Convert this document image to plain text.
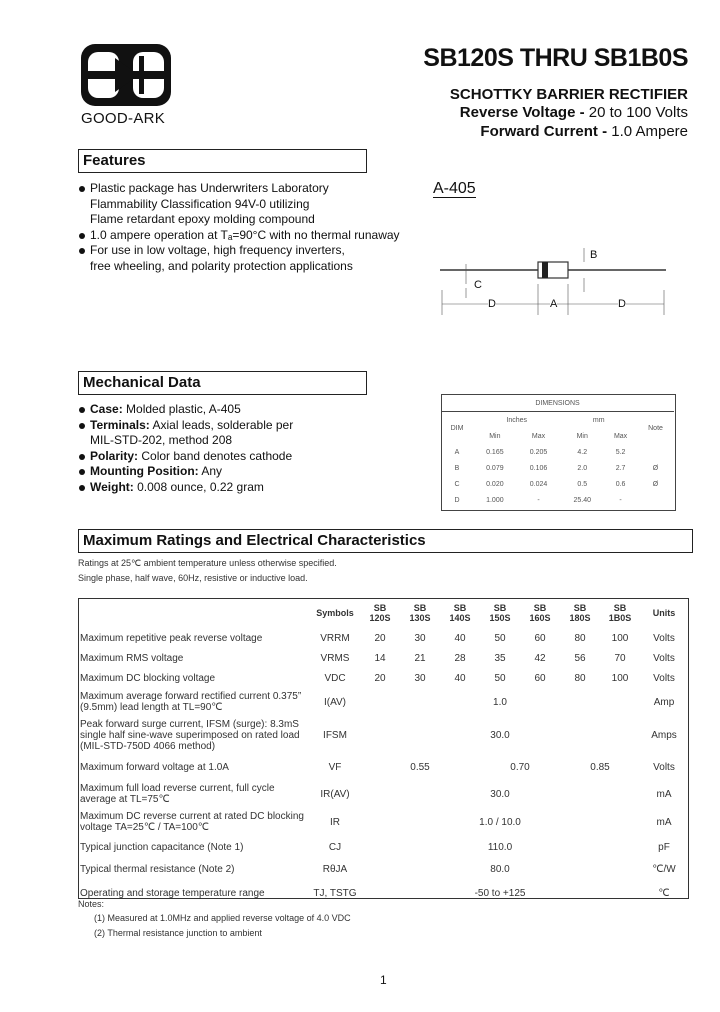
GOOD-ARK
SB120S THRU SB1B0S
SCHOTTKY BARRIER RECTIFIER
Reverse Voltage - 20 to 100 Volts
Forward Current - 1.0 Ampere
Features
Plastic package has Underwriters Laboratory
Flammability Classification 94V-0 utilizing
Flame retardant epoxy molding compound
1.0 ampere operation at Tₐ=90°C with no thermal runaway
For use in low voltage, high frequency inverters,
free wheeling, and polarity protection applications
A-405
B
C
D	A	D
Mechanical Data
Case: Molded plastic, A-405
Terminals: Axial leads, solderable per
MIL-STD-202, method 208
Polarity: Color band denotes cathode
Mounting Position: Any
Weight: 0.008 ounce, 0.22 gram
DIMENSIONS					
DIM	Inches		mm		Note
	Min	Max	Min	Max	
A	0.165	0.205	4.2	5.2	
B	0.079	0.106	2.0	2.7	Ø
C	0.020	0.024	0.5	0.6	Ø
D	1.000	-	25.40	-	
Maximum Ratings and Electrical Characteristics
Ratings at 25℃ ambient temperature unless otherwise specified.
Single phase, half wave, 60Hz, resistive or inductive load.
	Symbols	SB 120S	SB 130S	SB 140S	SB 150S	SB 160S	SB 180S	SB 1B0S	Units
Maximum repetitive peak reverse voltage	VRRM	20	30	40	50	60	80	100	Volts
Maximum RMS voltage	VRMS	14	21	28	35	42	56	70	Volts
Maximum DC blocking voltage	VDC	20	30	40	50	60	80	100	Volts
Maximum average forward rectified current 0.375” (9.5mm) lead length at TL=90℃	I(AV)	1.0							Amp
Peak forward surge current, IFSM (surge): 8.3mS single half sine-wave superimposed on rated load (MIL-STD-750D 4066 method)	IFSM	30.0							Amps
Maximum forward voltage at 1.0A	VF	0.55			0.70		0.85		Volts
Maximum full load reverse current, full cycle average at TL=75℃	IR(AV)	30.0							mA
Maximum DC reverse current at rated DC blocking voltage TA=25℃ / TA=100℃	IR	1.0 / 10.0							mA
Typical junction capacitance (Note 1)	CJ	110.0							pF
Typical thermal resistance (Note 2)	RθJA	80.0							℃/W
Operating and storage temperature range	TJ, TSTG	-50 to +125							℃
Notes:
(1) Measured at 1.0MHz and applied reverse voltage of 4.0 VDC
(2) Thermal resistance junction to ambient
1
